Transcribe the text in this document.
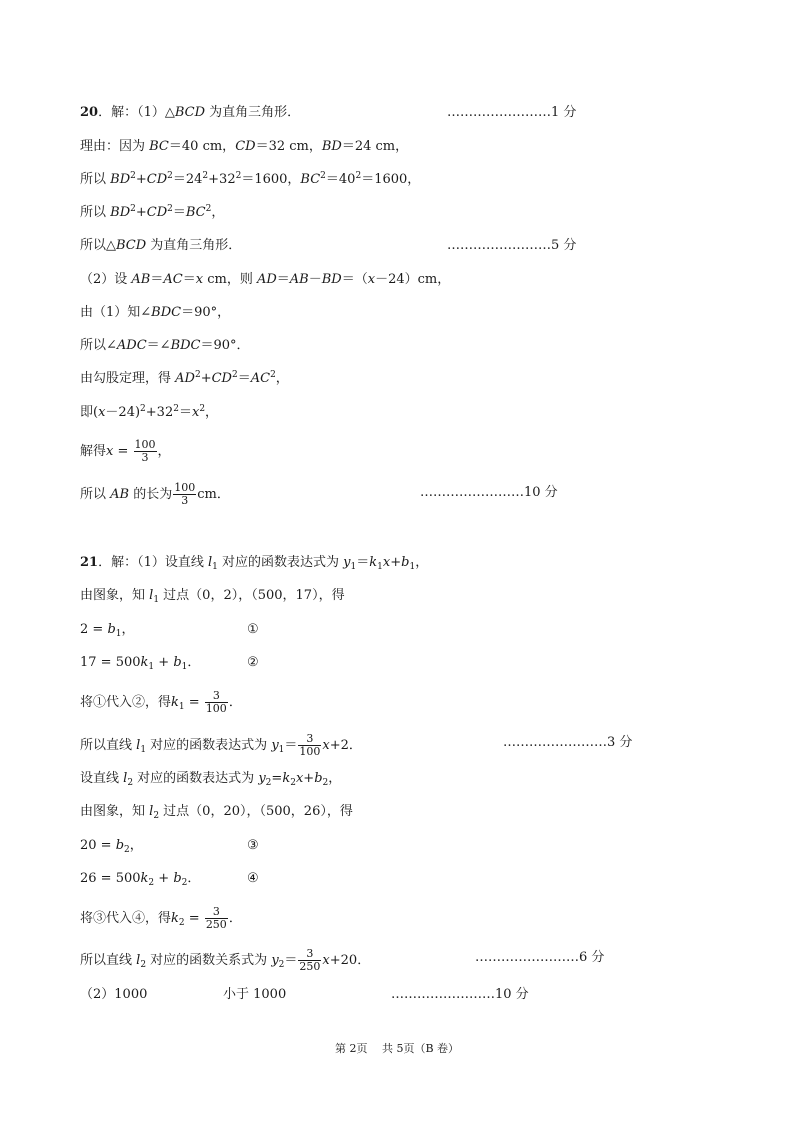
20．解：（1）△BCD 为直角三角形．	……………………1 分
理由：因为 BC＝40 cm，CD＝32 cm，BD＝24 cm，
所以 $BD^2+CD^2=24^2+32^2=1600$，$BC^2=40^2=1600$，
所以 $BD^2+CD^2=BC^2$，
所以△BCD 为直角三角形．	……………………5 分
（2）设 AB＝AC＝x cm，则 AD＝AB－BD＝（x－24）cm，
由（1）知∠BDC＝90°，
所以∠ADC＝∠BDC＝90°．
由勾股定理，得 $AD^2+CD^2=AC^2$，
即$(x-24)^2+32^2=x^2$，
解得$x = \frac{100}{3}$ ，
所以 AB 的长为 $\frac{100}{3}$ cm．	……………………10 分
21．解：（1）设直线 $l_1$ 对应的函数表达式为 $y_1=k_1x+b_1$，
由图象，知 $l_1$ 过点（0，2），（500，17），得
$2 = b_1$，	①
$17 = 500k_1 + b_1$．	②
将①代入②，得$k_1 = \frac{3}{100}$ ．
所以直线 $l_1$ 对应的函数表达式为 $y_1= \frac{3}{100} x+2$．	……………………3 分
设直线 $l_2$ 对应的函数表达式为 $y_2=k_2x+b_2$，
由图象，知 $l_2$ 过点（0，20），（500，26），得
$20 = b_2$，	③
$26 = 500k_2 + b_2$．	④
将③代入④，得$k_2 = \frac{3}{250}$ ．
所以直线 $l_2$ 对应的函数关系式为 $y_2= \frac{3}{250} x+20$．	……………………6 分
（2）1000	小于 1000	……………………10 分
第 2页　 共 5页（B 卷）
